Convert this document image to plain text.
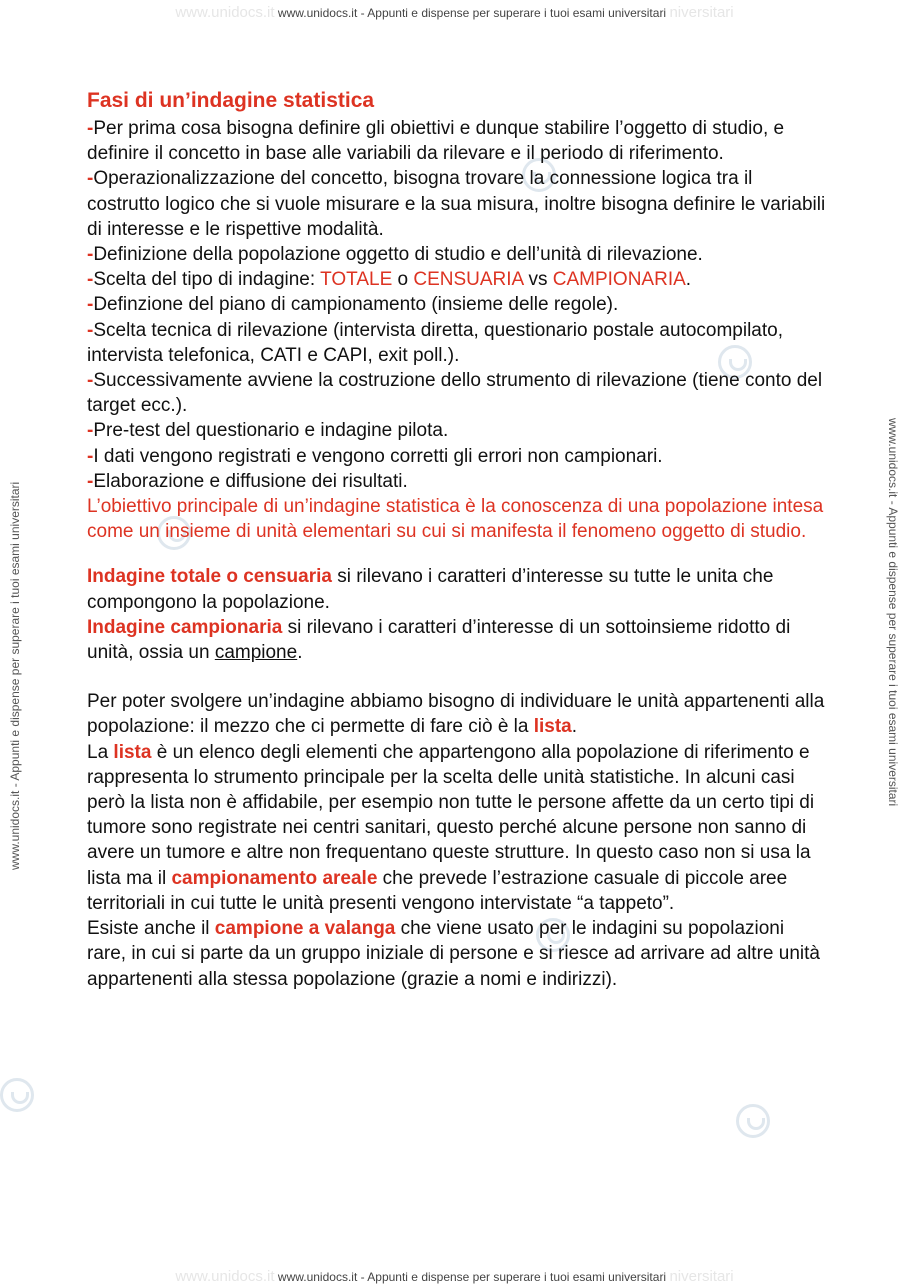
www.unidocs.it www.unidocs.it - Appunti e dispense per superare i tuoi esami universitari niversitari
www.unidocs.it www.unidocs.it - Appunti e dispense per superare i tuoi esami universitari niversitari
www.unidocs.it - Appunti e dispense per superare i tuoi esami universitari	www.unidocs.it - Appunti e dispense per superare i tuoi esami universitari
Fasi di un’indagine statistica

-Per prima cosa bisogna definire gli obiettivi e dunque stabilire l’oggetto di studio, e definire il concetto in base alle variabili da rilevare e il periodo di riferimento.

-Operazionalizzazione del concetto, bisogna trovare la connessione logica tra il costrutto logico che si vuole misurare e la sua misura, inoltre bisogna definire le variabili di interesse e le rispettive modalità.

-Definizione della popolazione oggetto di studio e dell’unità di rilevazione.

-Scelta del tipo di indagine: TOTALE o CENSUARIA vs CAMPIONARIA.

-Definzione del piano di campionamento (insieme delle regole).

-Scelta tecnica di rilevazione (intervista diretta, questionario postale autocompilato, intervista telefonica, CATI e CAPI, exit poll.).

-Successivamente avviene la costruzione dello strumento di rilevazione (tiene conto del target ecc.).

-Pre-test del questionario e indagine pilota.

-I dati vengono registrati e vengono corretti gli errori non campionari.

-Elaborazione e diffusione dei risultati.

L’obiettivo principale di un’indagine statistica è la conoscenza di una popolazione intesa come un insieme di unità elementari su cui si manifesta il fenomeno oggetto di studio.

Indagine totale o censuaria si rilevano i caratteri d’interesse su tutte le unita che compongono la popolazione.

Indagine campionaria si rilevano i caratteri d’interesse di un sottoinsieme ridotto di unità, ossia un campione.

Per poter svolgere un’indagine abbiamo bisogno di individuare le unità appartenenti alla popolazione: il mezzo che ci permette di fare ciò è la lista.

La lista è un elenco degli elementi che appartengono alla popolazione di riferimento e rappresenta lo strumento principale per la scelta delle unità statistiche. In alcuni casi però la lista non è affidabile, per esempio non tutte le persone affette da un certo tipi di tumore sono registrate nei centri sanitari, questo perché alcune persone non sanno di avere un tumore e altre non frequentano queste strutture. In questo caso non si usa la lista ma il campionamento areale che prevede l’estrazione casuale di piccole aree territoriali in cui tutte le unità presenti vengono intervistate “a tappeto”.

Esiste anche il campione a valanga che viene usato per le indagini su popolazioni rare, in cui si parte da un gruppo iniziale di persone e si riesce ad arrivare ad altre unità appartenenti alla stessa popolazione (grazie a nomi e indirizzi).
